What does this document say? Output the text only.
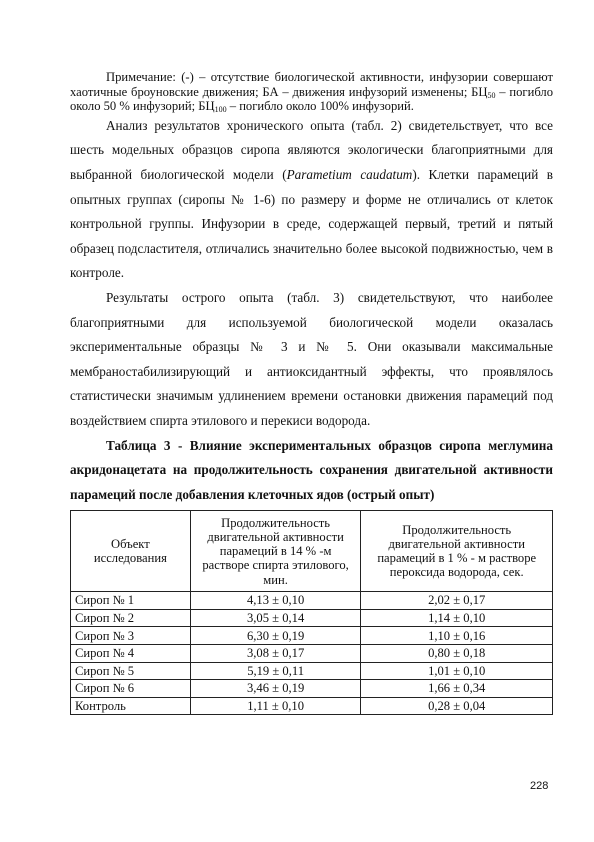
Примечание: (-) – отсутствие биологической активности, инфузории совершают хаотичные броуновские движения; БА – движения инфузорий изменены; $БЦ_{50}$ – погибло около 50 % инфузорий; $БЦ_{100}$ – погибло около 100% инфузорий.

Анализ результатов хронического опыта (табл. 2) свидетельствует, что все шесть модельных образцов сиропа являются экологически благоприятными для выбранной биологической модели (Parametium caudatum). Клетки парамеций в опытных группах (сиропы № 1-6) по размеру и форме не отличались от клеток контрольной группы. Инфузории в среде, содержащей первый, третий и пятый образец подсластителя, отличались значительно более высокой подвижностью, чем в контроле.

Результаты острого опыта (табл. 3) свидетельствуют, что наиболее благоприятными для используемой биологической модели оказалась экспериментальные образцы № 3 и № 5. Они оказывали максимальные мембраностабилизирующий и антиоксидантный эффекты, что проявлялось статистически значимым удлинением времени остановки движения парамеций под воздействием спирта этилового и перекиси водорода.

Таблица 3 - Влияние экспериментальных образцов сиропа меглумина акридонацетата на продолжительность сохранения двигательной активности парамеций после добавления клеточных ядов (острый опыт)

Объект исследования	Продолжительность двигательной активности парамеций в 14 % -м растворе спирта этилового, мин.	Продолжительность двигательной активности парамеций в 1 % - м растворе пероксида водорода, сек.
Сироп № 1	4,13 ± 0,10	2,02 ± 0,17
Сироп № 2	3,05 ± 0,14	1,14 ± 0,10
Сироп № 3	6,30 ± 0,19	1,10 ± 0,16
Сироп № 4	3,08 ± 0,17	0,80 ± 0,18
Сироп № 5	5,19 ± 0,11	1,01 ± 0,10
Сироп № 6	3,46 ± 0,19	1,66 ± 0,34
Контроль	1,11 ± 0,10	0,28 ± 0,04
228
